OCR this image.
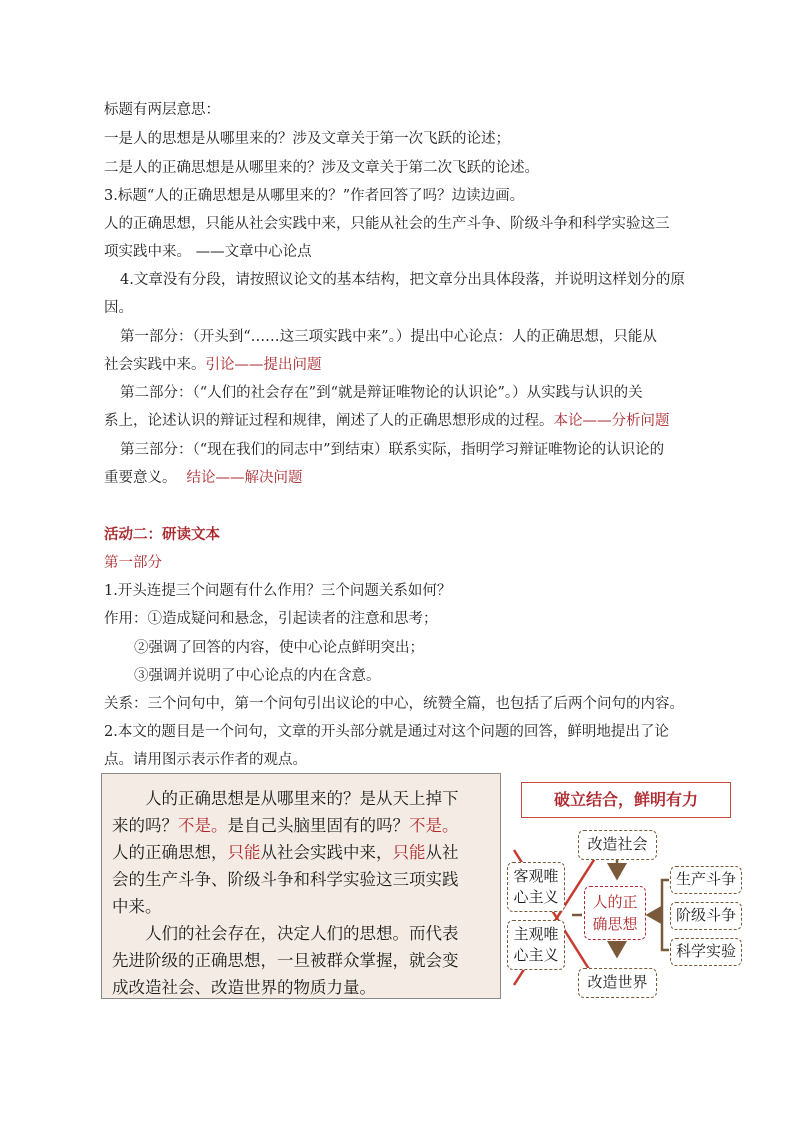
标题有两层意思：
一是人的思想是从哪里来的？涉及文章关于第一次飞跃的论述；
二是人的正确思想是从哪里来的？涉及文章关于第二次飞跃的论述。
3.标题“人的正确思想是从哪里来的？”作者回答了吗？边读边画。
人的正确思想，只能从社会实践中来，只能从社会的生产斗争、阶级斗争和科学实验这三
项实践中来。 ——文章中心论点
4.文章没有分段，请按照议论文的基本结构，把文章分出具体段落，并说明这样划分的原
因。
第一部分：（开头到“……这三项实践中来”。）提出中心论点：人的正确思想，只能从
社会实践中来。引论——提出问题
第二部分：（“人们的社会存在”到“就是辩证唯物论的认识论”。）从实践与认识的关
系上，论述认识的辩证过程和规律，阐述了人的正确思想形成的过程。本论——分析问题
第三部分：（“现在我们的同志中”到结束）联系实际，指明学习辩证唯物论的认识论的
重要意义。 结论——解决问题
活动二：研读文本
第一部分
1.开头连提三个问题有什么作用？三个问题关系如何？
作用：①造成疑问和悬念，引起读者的注意和思考；
②强调了回答的内容，使中心论点鲜明突出；
③强调并说明了中心论点的内在含意。
关系：三个问句中，第一个问句引出议论的中心，统赞全篇，也包括了后两个问句的内容。
2.本文的题目是一个问句，文章的开头部分就是通过对这个问题的回答，鲜明地提出了论
点。请用图示表示作者的观点。

人的正确思想是从哪里来的？是从天上掉下

来的吗？不是。是自己头脑里固有的吗？不是。

人的正确思想，只能从社会实践中来，只能从社

会的生产斗争、阶级斗争和科学实验这三项实践

中来。

人们的社会存在，决定人们的思想。而代表

先进阶级的正确思想，一旦被群众掌握，就会变

成改造社会、改造世界的物质力量。

破立结合，鲜明有力
改造社会
改造世界
客观唯
心主义
主观唯
心主义
人的正
确思想
生产斗争
阶级斗争
科学实验
